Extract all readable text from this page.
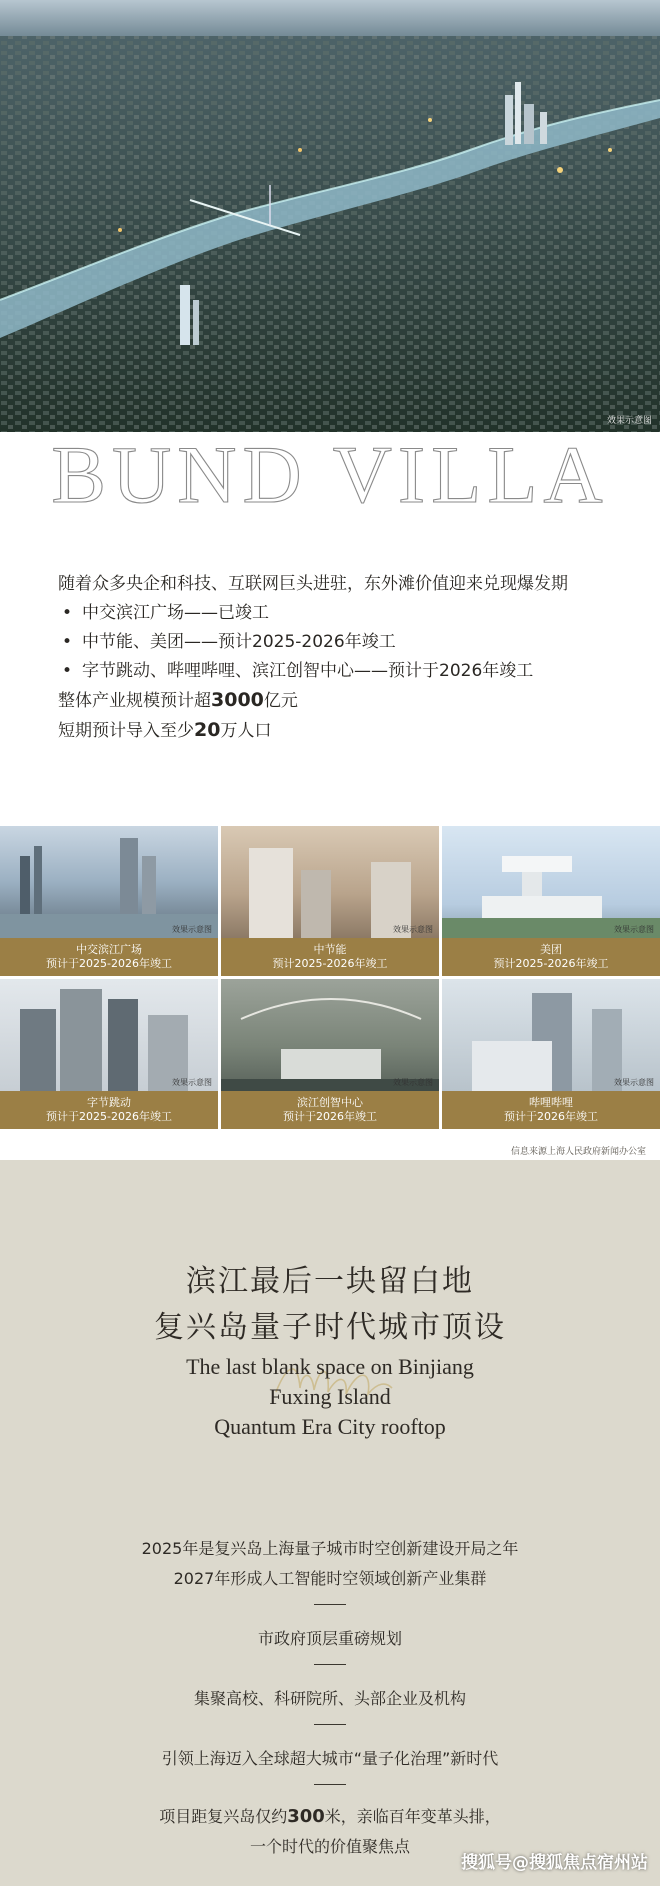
效果示意图
BUND VILLA
随着众多央企和科技、互联网巨头进驻，东外滩价值迎来兑现爆发期
• 中交滨江广场——已竣工
• 中节能、美团——预计2025-2026年竣工
• 字节跳动、哔哩哔哩、滨江创智中心——预计于2026年竣工
整体产业规模预计超3000亿元
短期预计导入至少20万人口
效果示意图
中交滨江广场
预计于2025-2026年竣工
效果示意图
中节能
预计2025-2026年竣工
效果示意图
美团
预计2025-2026年竣工
效果示意图
字节跳动
预计于2025-2026年竣工
效果示意图
滨江创智中心
预计于2026年竣工
效果示意图
哔哩哔哩
预计于2026年竣工
信息来源上海人民政府新闻办公室
滨江最后一块留白地
复兴岛量子时代城市顶设
The last blank space on Binjiang
Fuxing Island
Quantum Era City rooftop
2025年是复兴岛上海量子城市时空创新建设开局之年
2027年形成人工智能时空领域创新产业集群
市政府顶层重磅规划
集聚高校、科研院所、头部企业及机构
引领上海迈入全球超大城市“量子化治理”新时代
项目距复兴岛仅约300米，亲临百年变革头排，
一个时代的价值聚焦点
搜狐号@搜狐焦点宿州站
